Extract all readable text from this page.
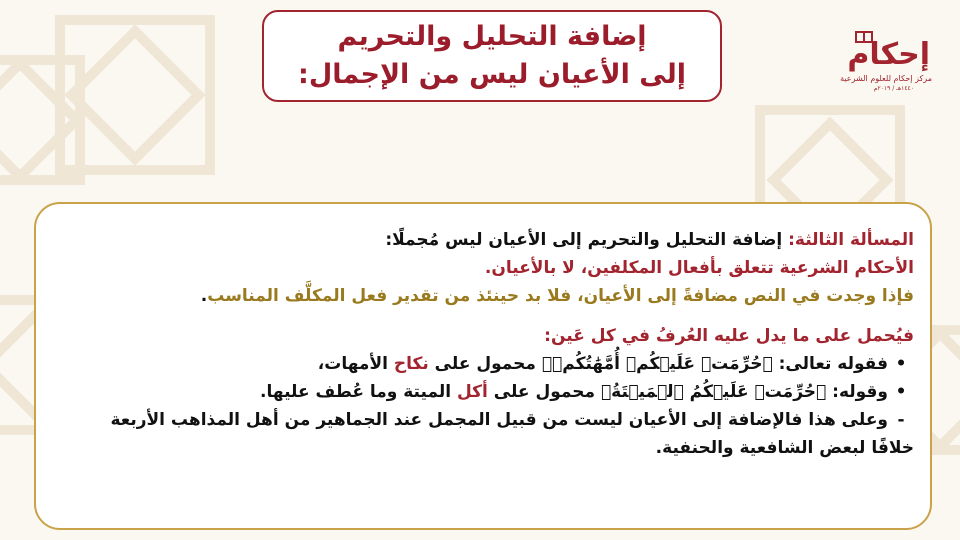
إضافة التحليل والتحريم
إلى الأعيان ليس من الإجمال:
إحكام
مركز إحكام للعلوم الشرعية
١٤٤٠هـ / ٢٠١٩م

المسألة الثالثة: إضافة التحليل والتحريم إلى الأعيان ليس مُجملًا:

الأحكام الشرعية تتعلق بأفعال المكلفين، لا بالأعيان.

فإذا وجدت في النص مضافةً إلى الأعيان، فلا بد حينئذ من تقدير فعل المكلَّف المناسب.

فيُحمل على ما يدل عليه العُرفُ في كل عَين:

•فقوله تعالى: ﴿حُرِّمَتۡ عَلَيۡكُمۡ أُمَّهَٰتُكُمۡ﴾ محمول على نكاح الأمهات،

•وقوله: ﴿حُرِّمَتۡ عَلَيۡكُمُ ٱلۡمَيۡتَةُ﴾ محمول على أكل الميتة وما عُطف عليها.

-وعلى هذا فالإضافة إلى الأعيان ليست من قبيل المجمل عند الجماهير من أهل المذاهب الأربعة

خلافًا لبعض الشافعية والحنفية.
